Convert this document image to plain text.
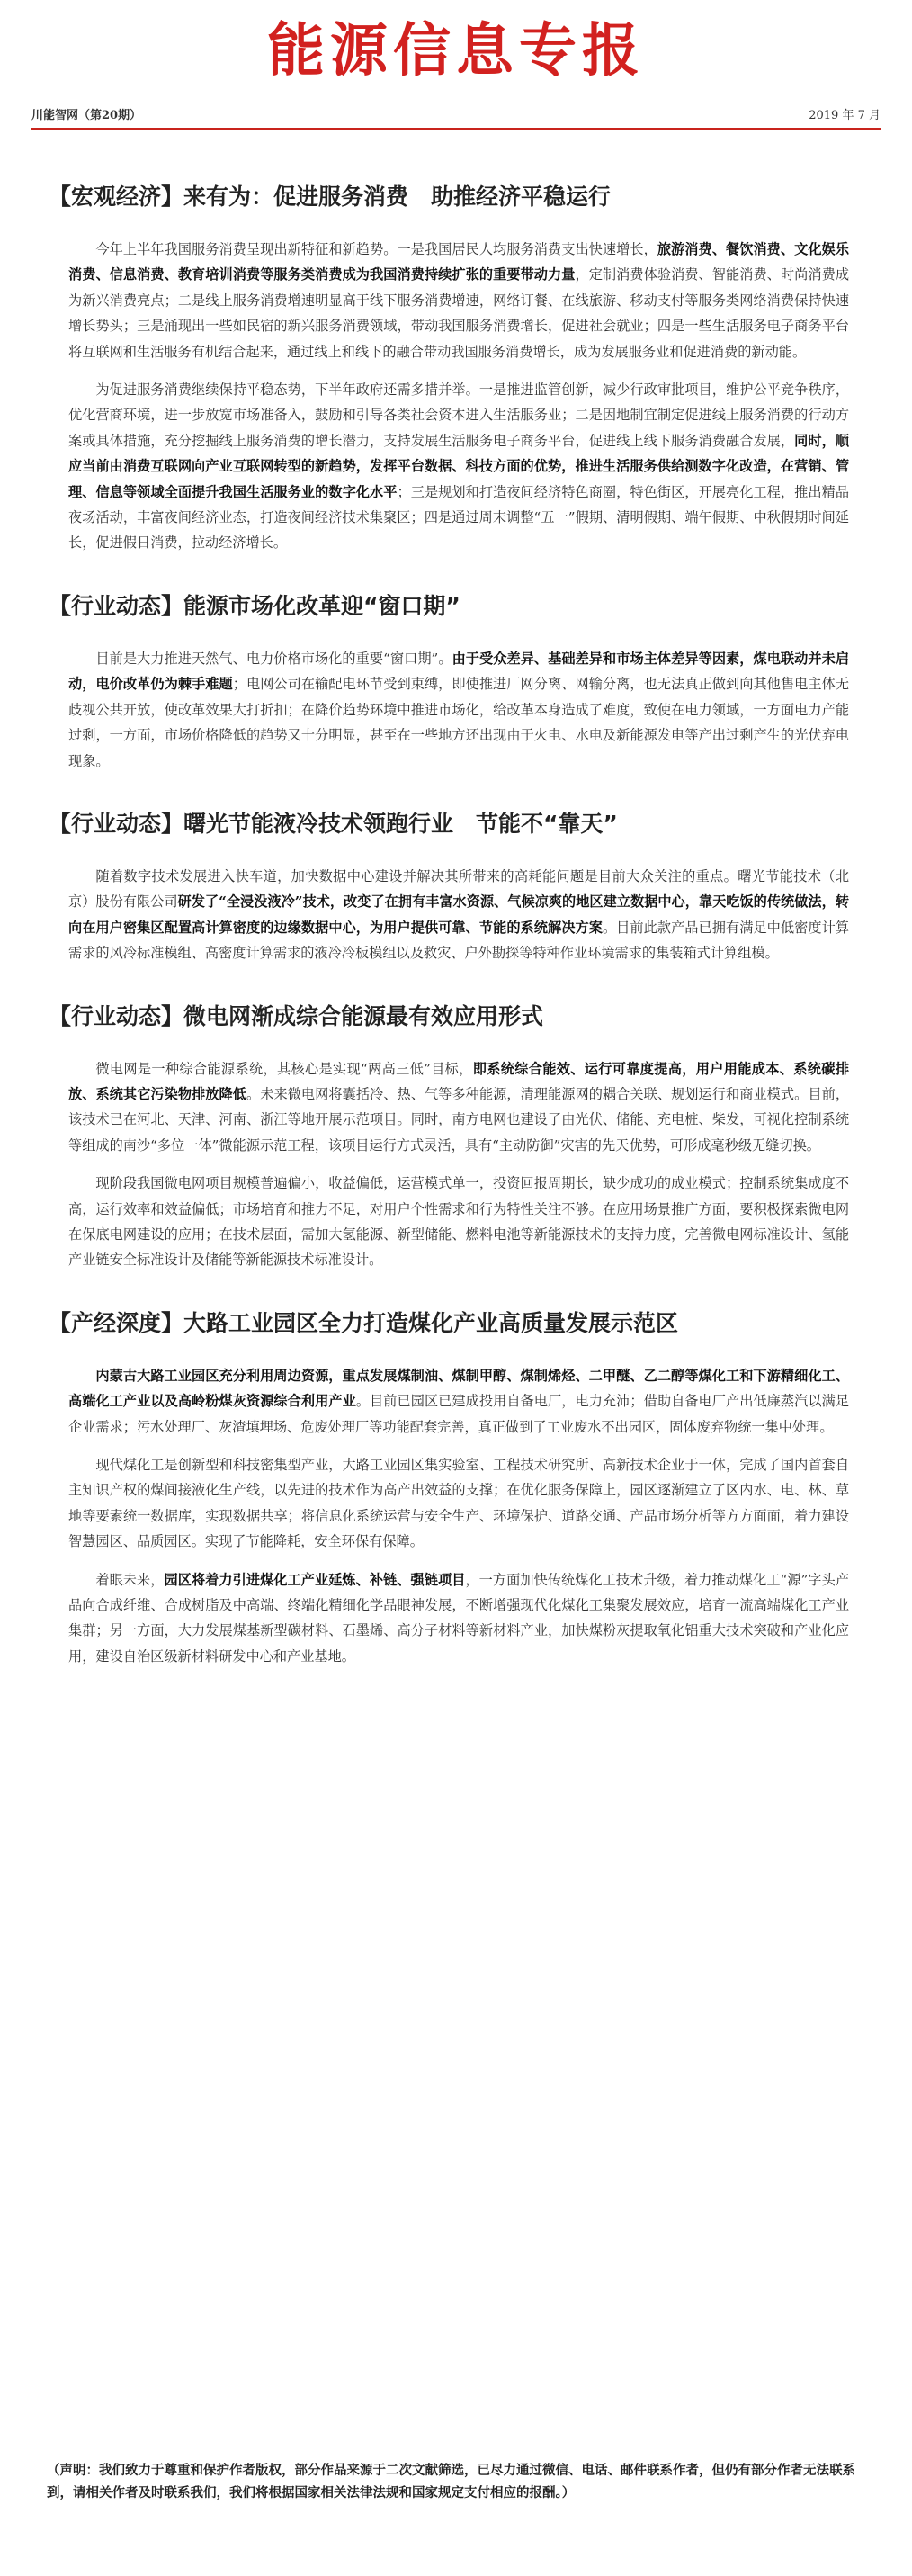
能源信息专报
川能智网（第20期）	2019 年 7 月
【宏观经济】来有为：促进服务消费　助推经济平稳运行

今年上半年我国服务消费呈现出新特征和新趋势。一是我国居民人均服务消费支出快速增长，旅游消费、餐饮消费、文化娱乐消费、信息消费、教育培训消费等服务类消费成为我国消费持续扩张的重要带动力量，定制消费体验消费、智能消费、时尚消费成为新兴消费亮点；二是线上服务消费增速明显高于线下服务消费增速，网络订餐、在线旅游、移动支付等服务类网络消费保持快速增长势头；三是涌现出一些如民宿的新兴服务消费领域，带动我国服务消费增长，促进社会就业；四是一些生活服务电子商务平台将互联网和生活服务有机结合起来，通过线上和线下的融合带动我国服务消费增长，成为发展服务业和促进消费的新动能。

为促进服务消费继续保持平稳态势，下半年政府还需多措并举。一是推进监管创新，减少行政审批项目，维护公平竞争秩序，优化营商环境，进一步放宽市场准备入，鼓励和引导各类社会资本进入生活服务业；二是因地制宜制定促进线上服务消费的行动方案或具体措施，充分挖掘线上服务消费的增长潜力，支持发展生活服务电子商务平台，促进线上线下服务消费融合发展，同时，顺应当前由消费互联网向产业互联网转型的新趋势，发挥平台数据、科技方面的优势，推进生活服务供给测数字化改造，在营销、管理、信息等领域全面提升我国生活服务业的数字化水平；三是规划和打造夜间经济特色商圈，特色街区，开展亮化工程，推出精品夜场活动，丰富夜间经济业态，打造夜间经济技术集聚区；四是通过周末调整“五一”假期、清明假期、端午假期、中秋假期时间延长，促进假日消费，拉动经济增长。

【行业动态】能源市场化改革迎“窗口期”

目前是大力推进天然气、电力价格市场化的重要“窗口期”。由于受众差异、基础差异和市场主体差异等因素，煤电联动并未启动，电价改革仍为棘手难题；电网公司在输配电环节受到束缚，即使推进厂网分离、网输分离，也无法真正做到向其他售电主体无歧视公共开放，使改革效果大打折扣；在降价趋势环境中推进市场化，给改革本身造成了难度，致使在电力领域，一方面电力产能过剩，一方面，市场价格降低的趋势又十分明显，甚至在一些地方还出现由于火电、水电及新能源发电等产出过剩产生的光伏弃电现象。

【行业动态】曙光节能液冷技术领跑行业　节能不“靠天”

随着数字技术发展进入快车道，加快数据中心建设并解决其所带来的高耗能问题是目前大众关注的重点。曙光节能技术（北京）股份有限公司研发了“全浸没液冷”技术，改变了在拥有丰富水资源、气候凉爽的地区建立数据中心，靠天吃饭的传统做法，转向在用户密集区配置高计算密度的边缘数据中心，为用户提供可靠、节能的系统解决方案。目前此款产品已拥有满足中低密度计算需求的风冷标准模组、高密度计算需求的液冷冷板模组以及救灾、户外勘探等特种作业环境需求的集装箱式计算组模。

【行业动态】微电网渐成综合能源最有效应用形式

微电网是一种综合能源系统，其核心是实现“两高三低”目标，即系统综合能效、运行可靠度提高，用户用能成本、系统碳排放、系统其它污染物排放降低。未来微电网将囊括冷、热、气等多种能源，清理能源网的耦合关联、规划运行和商业模式。目前，该技术已在河北、天津、河南、浙江等地开展示范项目。同时，南方电网也建设了由光伏、储能、充电桩、柴发，可视化控制系统等组成的南沙“多位一体”微能源示范工程，该项目运行方式灵活，具有“主动防御”灾害的先天优势，可形成毫秒级无缝切换。

现阶段我国微电网项目规模普遍偏小，收益偏低，运营模式单一，投资回报周期长，缺少成功的成业模式；控制系统集成度不高，运行效率和效益偏低；市场培育和推力不足，对用户个性需求和行为特性关注不够。在应用场景推广方面，要积极探索微电网在保底电网建设的应用；在技术层面，需加大氢能源、新型储能、燃料电池等新能源技术的支持力度，完善微电网标准设计、氢能产业链安全标准设计及储能等新能源技术标准设计。

【产经深度】大路工业园区全力打造煤化产业高质量发展示范区

内蒙古大路工业园区充分利用周边资源，重点发展煤制油、煤制甲醇、煤制烯烃、二甲醚、乙二醇等煤化工和下游精细化工、高端化工产业以及高岭粉煤灰资源综合利用产业。目前已园区已建成投用自备电厂，电力充沛；借助自备电厂产出低廉蒸汽以满足企业需求；污水处理厂、灰渣填埋场、危废处理厂等功能配套完善，真正做到了工业废水不出园区，固体废弃物统一集中处理。

现代煤化工是创新型和科技密集型产业，大路工业园区集实验室、工程技术研究所、高新技术企业于一体，完成了国内首套自主知识产权的煤间接液化生产线，以先进的技术作为高产出效益的支撑；在优化服务保障上，园区逐渐建立了区内水、电、林、草地等要素统一数据库，实现数据共享；将信息化系统运营与安全生产、环境保护、道路交通、产品市场分析等方方面面，着力建设智慧园区、品质园区。实现了节能降耗，安全环保有保障。

着眼未来，园区将着力引进煤化工产业延炼、补链、强链项目，一方面加快传统煤化工技术升级，着力推动煤化工“源”字头产品向合成纤维、合成树脂及中高端、终端化精细化学品眼神发展，不断增强现代化煤化工集聚发展效应，培育一流高端煤化工产业集群；另一方面，大力发展煤基新型碳材料、石墨烯、高分子材料等新材料产业，加快煤粉灰提取氧化铝重大技术突破和产业化应用，建设自治区级新材料研发中心和产业基地。

（声明：我们致力于尊重和保护作者版权，部分作品来源于二次文献筛选，已尽力通过微信、电话、邮件联系作者，但仍有部分作者无法联系到，请相关作者及时联系我们，我们将根据国家相关法律法规和国家规定支付相应的报酬。）
